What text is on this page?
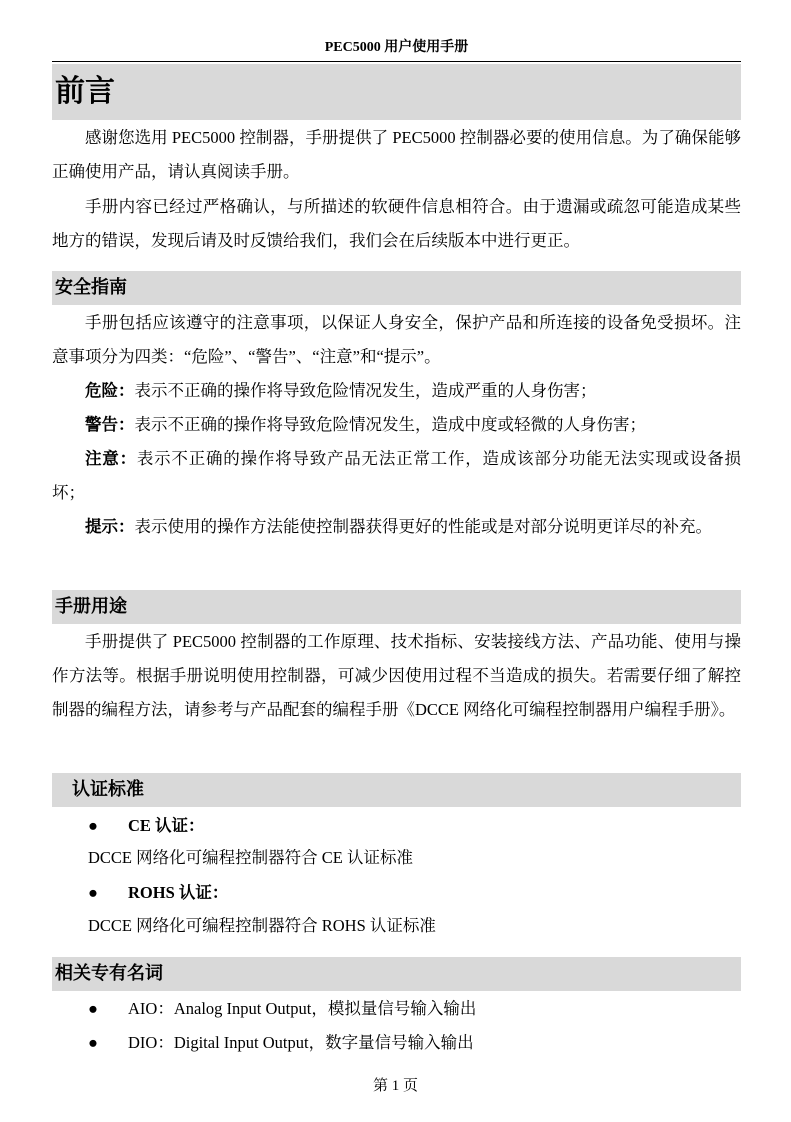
PEC5000 用户使用手册
前言

感谢您选用 PEC5000 控制器，手册提供了 PEC5000 控制器必要的使用信息。为了确保能够正确使用产品，请认真阅读手册。

手册内容已经过严格确认，与所描述的软硬件信息相符合。由于遗漏或疏忽可能造成某些地方的错误，发现后请及时反馈给我们，我们会在后续版本中进行更正。

安全指南

手册包括应该遵守的注意事项，以保证人身安全，保护产品和所连接的设备免受损坏。注意事项分为四类：“危险”、“警告”、“注意”和“提示”。

危险：表示不正确的操作将导致危险情况发生，造成严重的人身伤害；

警告：表示不正确的操作将导致危险情况发生，造成中度或轻微的人身伤害；

注意：表示不正确的操作将导致产品无法正常工作，造成该部分功能无法实现或设备损坏；

提示：表示使用的操作方法能使控制器获得更好的性能或是对部分说明更详尽的补充。

手册用途

手册提供了 PEC5000 控制器的工作原理、技术指标、安装接线方法、产品功能、使用与操作方法等。根据手册说明使用控制器，可减少因使用过程不当造成的损失。若需要仔细了解控制器的编程方法，请参考与产品配套的编程手册《DCCE 网络化可编程控制器用户编程手册》。

认证标准
● CE 认证：

DCCE 网络化可编程控制器符合 CE 认证标准

● ROHS 认证：

DCCE 网络化可编程控制器符合 ROHS 认证标准

相关专有名词
● AIO：Analog Input Output，模拟量信号输入输出
● DIO：Digital Input Output，数字量信号输入输出
第 1 页
